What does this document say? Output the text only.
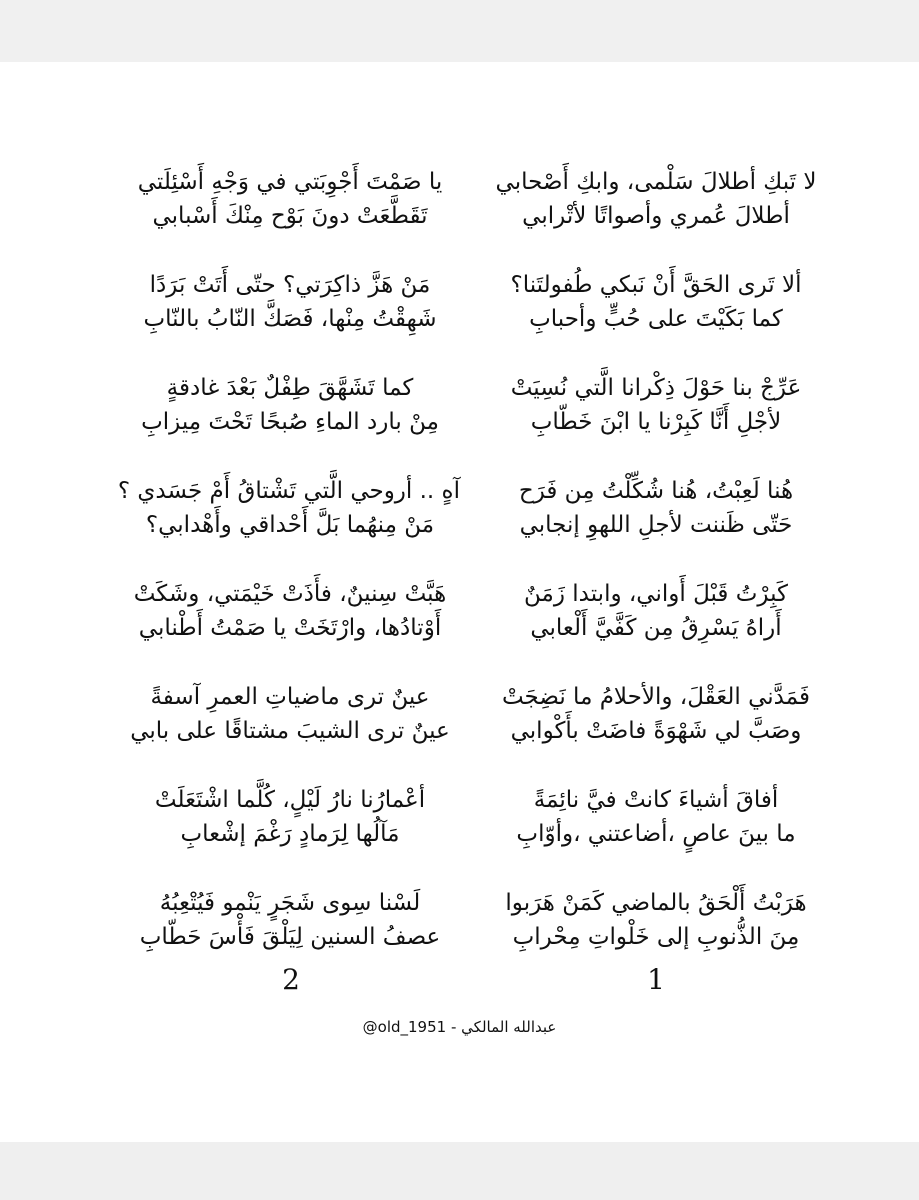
لا تَبكِ أطلالَ سَلْمى، وابكِ أَصْحابي
أطلالَ عُمري وأصواتًا لأتْرابي
ألا تَرى الحَقَّ أَنْ نَبكي طُفولتَنا؟
كما بَكَيْتَ على حُبٍّ وأحبابِ
عَرِّجْ بنا حَوْلَ ذِكْرانا الَّتي نُسِيَتْ
لأجْلِ أَنَّا كَبِرْنا يا ابْنَ خَطّابِ
هُنا لَعِبْتُ، هُنا شُكِّلْتُ مِن فَرَح
حَتّى ظَننت لأجلِ اللهوِ إنجابي
كَبِرْتُ قَبْلَ أَواني، وابتدا زَمَنٌ
أَراهُ يَسْرِقُ مِن كَفَّيَّ أَلْعابي
فَمَدَّني العَقْلَ، والأحلامُ ما نَضِجَتْ
وصَبَّ لي شَهْوَةً فاضَتْ بأَكْوابي
أفاقَ أشياءَ كانتْ فيَّ نائِمَةً
ما بينَ عاصٍ ،أضاعتني ،وأوّابِ
هَرَبْتُ أَلْحَقُ بالماضي كَمَنْ هَرَبوا
مِنَ الذُّنوبِ إلى خَلْواتِ مِحْرابِ
يا صَمْتَ أَجْوِبَتي في وَجْهِ أَسْئِلَتي
تَقَطَّعَتْ دونَ بَوْح مِنْكَ أَسْبابي
مَنْ هَزَّ ذاكِرَتي؟ حتّى أَتَتْ بَرَدًا
شَهِقْتُ مِنْها، فَصَكَّ النّابُ بالنّابِ
كما تَشَهَّقَ طِفْلٌ بَعْدَ غادقةٍ
مِنْ بارد الماءِ صُبحًا تَحْتَ مِيزابِ
آهٍ .. أروحي الَّتي تَشْتاقُ أَمْ جَسَدي ؟
مَنْ مِنهُما بَلَّ أَحْداقي وأَهْدابي؟
هَبَّتْ سِنينٌ، فأَذَتْ خَيْمَتي، وشَكَتْ
أَوْتادُها، وارْتَخَتْ يا صَمْتُ أَطْنابي
عينٌ ترى ماضياتِ العمرِ آسفةً
عينٌ ترى الشيبَ مشتاقًا على بابي
أعْمارُنا نارُ لَيْلٍ، كُلَّما اشْتَعَلَتْ
مَآلُها لِرَمادٍ رَغْمَ إشْعابِ
لَسْنا سِوى شَجَرٍ يَنْمو فَيُتْعِبُهُ
عصفُ السنين لِيَلْقَ فَأْسَ حَطّابِ
1
2
عبدالله المالكي - 1951_old@
